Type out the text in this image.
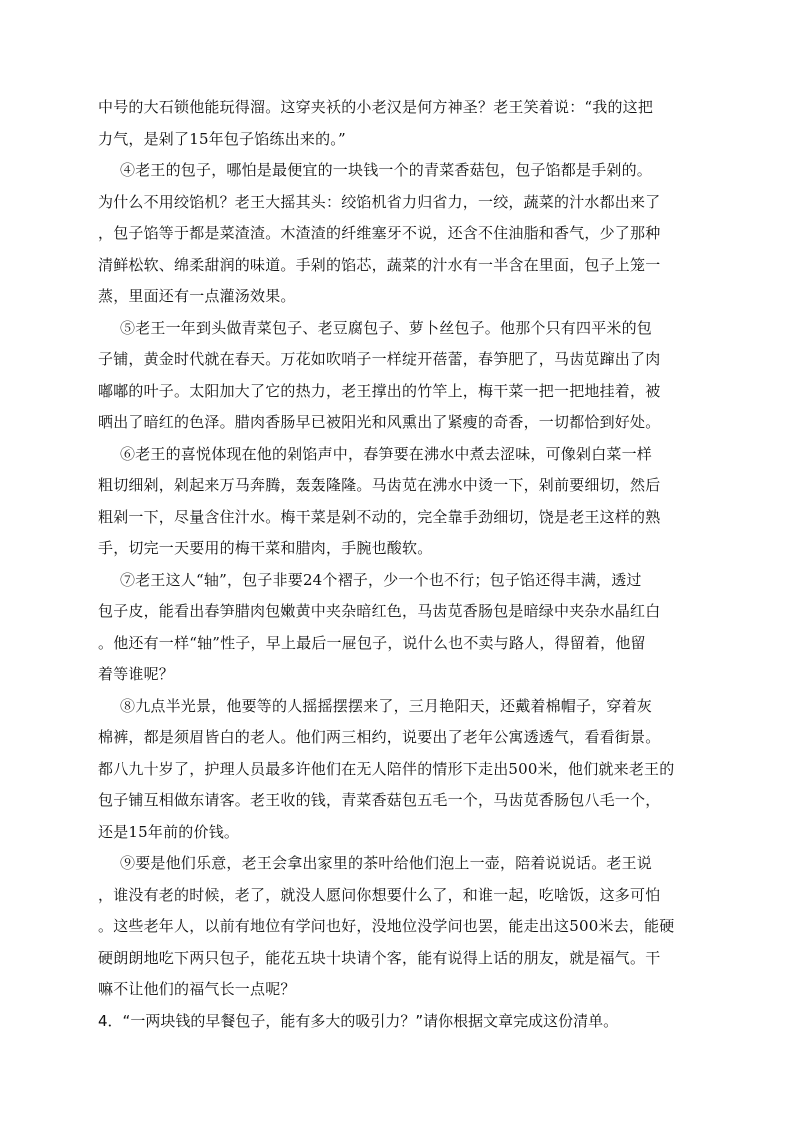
中号的大石锁他能玩得溜。这穿夹袄的小老汉是何方神圣？老王笑着说：“我的这把
力气，是剁了15年包子馅练出来的。”
④老王的包子，哪怕是最便宜的一块钱一个的青菜香菇包，包子馅都是手剁的。
为什么不用绞馅机？老王大摇其头：绞馅机省力归省力，一绞，蔬菜的汁水都出来了
，包子馅等于都是菜渣渣。木渣渣的纤维塞牙不说，还含不住油脂和香气，少了那种
清鲜松软、绵柔甜润的味道。手剁的馅芯，蔬菜的汁水有一半含在里面，包子上笼一
蒸，里面还有一点灌汤效果。
⑤老王一年到头做青菜包子、老豆腐包子、萝卜丝包子。他那个只有四平米的包
子铺，黄金时代就在春天。万花如吹哨子一样绽开蓓蕾，春笋肥了，马齿苋蹿出了肉
嘟嘟的叶子。太阳加大了它的热力，老王撑出的竹竿上，梅干菜一把一把地挂着，被
晒出了暗红的色泽。腊肉香肠早已被阳光和风熏出了紧瘦的奇香，一切都恰到好处。
⑥老王的喜悦体现在他的剁馅声中，春笋要在沸水中煮去涩味，可像剁白菜一样
粗切细剁，剁起来万马奔腾，轰轰隆隆。马齿苋在沸水中烫一下，剁前要细切，然后
粗剁一下，尽量含住汁水。梅干菜是剁不动的，完全靠手劲细切，饶是老王这样的熟
手，切完一天要用的梅干菜和腊肉，手腕也酸软。
⑦老王这人“轴”，包子非要24个褶子，少一个也不行；包子馅还得丰满，透过
包子皮，能看出春笋腊肉包嫩黄中夹杂暗红色，马齿苋香肠包是暗绿中夹杂水晶红白
。他还有一样“轴”性子，早上最后一屉包子，说什么也不卖与路人，得留着，他留
着等谁呢？
⑧九点半光景，他要等的人摇摇摆摆来了，三月艳阳天，还戴着棉帽子，穿着灰
棉裤，都是须眉皆白的老人。他们两三相约，说要出了老年公寓透透气，看看街景。
都八九十岁了，护理人员最多许他们在无人陪伴的情形下走出500米，他们就来老王的
包子铺互相做东请客。老王收的钱，青菜香菇包五毛一个，马齿苋香肠包八毛一个，
还是15年前的价钱。
⑨要是他们乐意，老王会拿出家里的茶叶给他们泡上一壶，陪着说说话。老王说
，谁没有老的时候，老了，就没人愿问你想要什么了，和谁一起，吃啥饭，这多可怕
。这些老年人，以前有地位有学问也好，没地位没学问也罢，能走出这500米去，能硬
硬朗朗地吃下两只包子，能花五块十块请个客，能有说得上话的朋友，就是福气。干
嘛不让他们的福气长一点呢？
4．“一两块钱的早餐包子，能有多大的吸引力？”请你根据文章完成这份清单。
